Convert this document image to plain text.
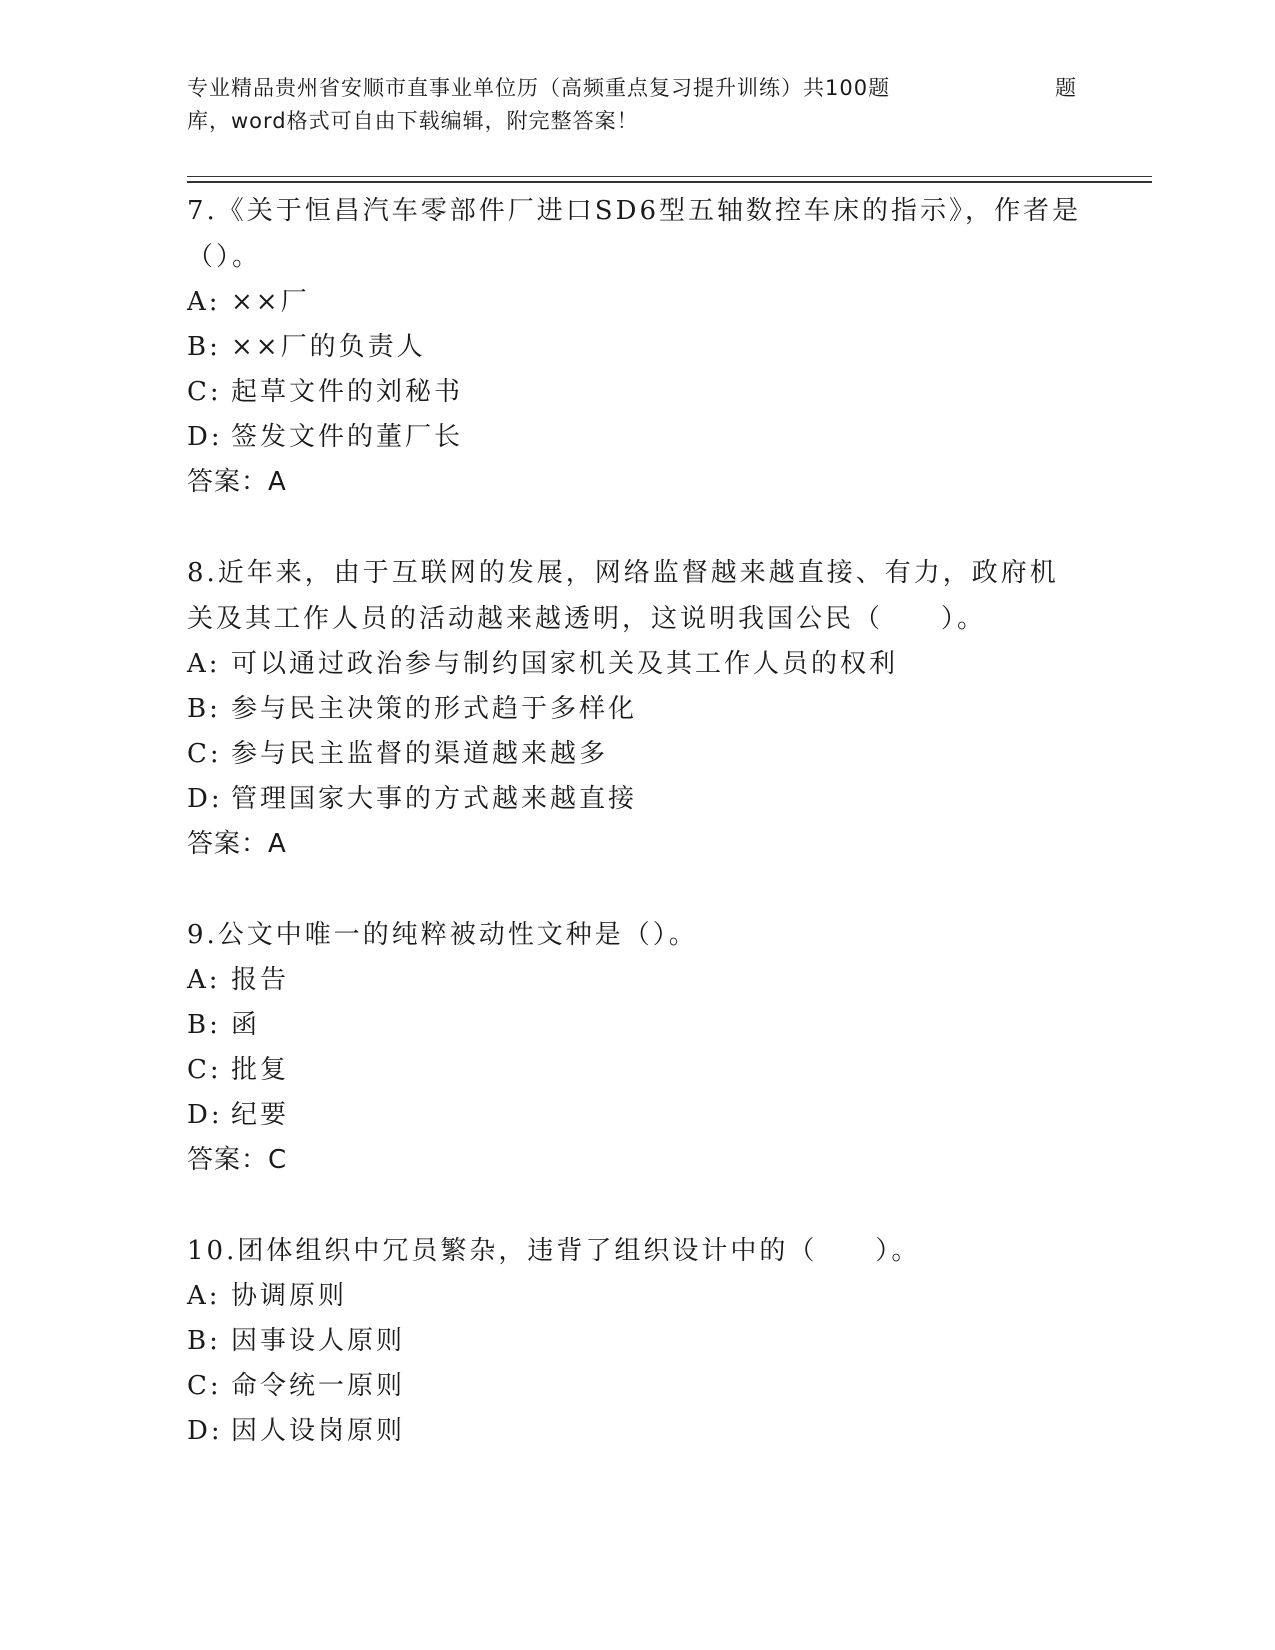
专业精品贵州省安顺市直事业单位历（高频重点复习提升训练）共100题	题
库，word格式可自由下载编辑，附完整答案！

7.《关于恒昌汽车零部件厂进口SD6型五轴数控车床的指示》，作者是（）。

A: ××厂

B: ××厂的负责人

C: 起草文件的刘秘书

D: 签发文件的董厂长

答案：A

8.近年来，由于互联网的发展，网络监督越来越直接、有力，政府机关及其工作人员的活动越来越透明，这说明我国公民（　　）。

A: 可以通过政治参与制约国家机关及其工作人员的权利

B: 参与民主决策的形式趋于多样化

C: 参与民主监督的渠道越来越多

D: 管理国家大事的方式越来越直接

答案：A

9.公文中唯一的纯粹被动性文种是（）。

A: 报告

B: 函

C: 批复

D: 纪要

答案：C

10.团体组织中冗员繁杂，违背了组织设计中的（　　）。

A: 协调原则

B: 因事设人原则

C: 命令统一原则

D: 因人设岗原则
